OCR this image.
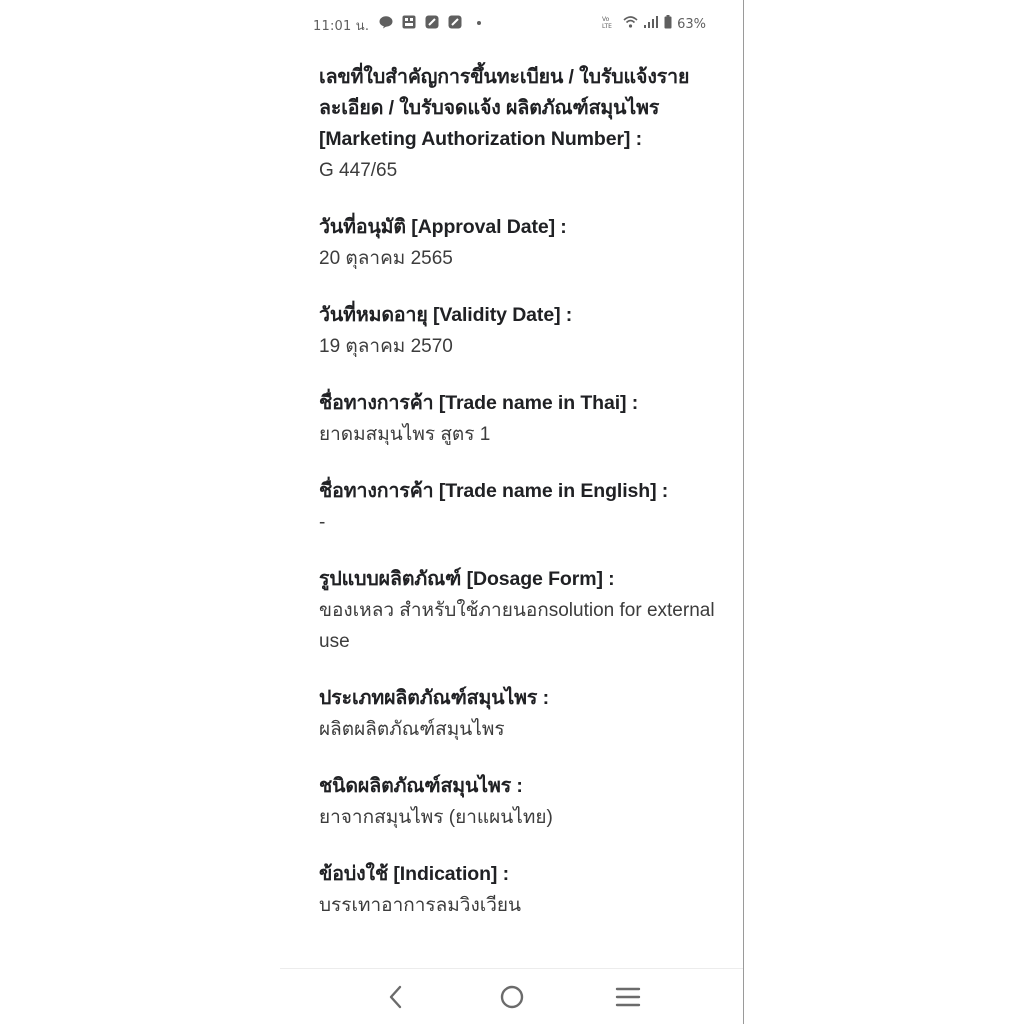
11:01 น.	Vo
LTE	63%
เลขที่ใบสำคัญการขึ้นทะเบียน / ใบรับแจ้งรายละเอียด / ใบรับจดแจ้ง ผลิตภัณฑ์สมุนไพร [Marketing Authorization Number] :
G 447/65
วันที่อนุมัติ [Approval Date] :
20 ตุลาคม 2565
วันที่หมดอายุ [Validity Date] :
19 ตุลาคม 2570
ชื่อทางการค้า [Trade name in Thai] :
ยาดมสมุนไพร สูตร 1
ชื่อทางการค้า [Trade name in English] :
-
รูปแบบผลิตภัณฑ์ [Dosage Form] :
ของเหลว สำหรับใช้ภายนอกsolution for external use
ประเภทผลิตภัณฑ์สมุนไพร :
ผลิตผลิตภัณฑ์สมุนไพร
ชนิดผลิตภัณฑ์สมุนไพร :
ยาจากสมุนไพร (ยาแผนไทย)
ข้อบ่งใช้ [Indication] :
บรรเทาอาการลมวิงเวียน
